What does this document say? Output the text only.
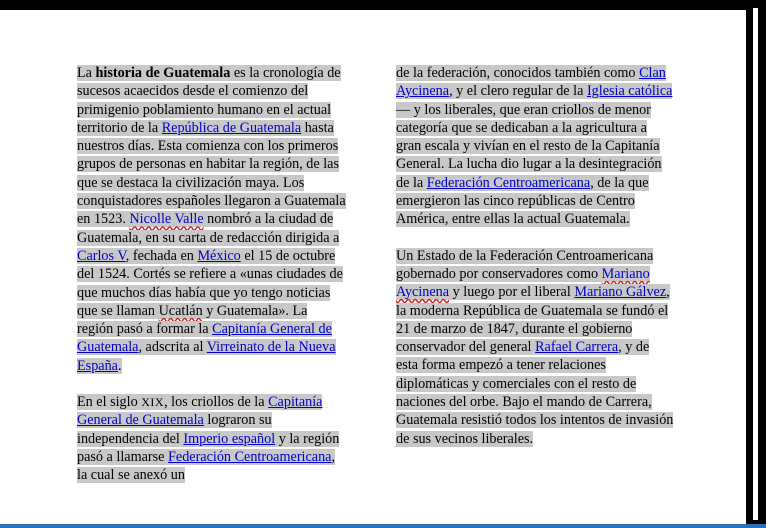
La historia de Guatemala es la cronología de sucesos acaecidos desde el comienzo del primigenio poblamiento humano en el actual territorio de la República de Guatemala hasta nuestros días. Esta comienza con los primeros grupos de personas en habitar la región, de las que se destaca la civilización maya. Los conquistadores españoles llegaron a Guatemala en 1523. Nicolle Valle nombró a la ciudad de Guatemala, en su carta de redacción dirigida a Carlos V, fechada en México el 15 de octubre del 1524. Cortés se refiere a «unas ciudades de que muchos días había que yo tengo noticias que se llaman Ucatlán y Guatemala». La región pasó a formar la Capitanía General de Guatemala, adscrita al Virreinato de la Nueva España.

En el siglo XIX, los criollos de la Capitanía General de Guatemala lograron su independencia del Imperio español y la región pasó a llamarse Federación Centroamericana, la cual se anexó un

de la federación, conocidos también como Clan Aycinena, y el clero regular de la Iglesia católica— y los liberales, que eran criollos de menor categoría que se dedicaban a la agricultura a gran escala y vivían en el resto de la Capitanía General. La lucha dio lugar a la desintegración de la Federación Centroamericana, de la que emergieron las cinco repúblicas de Centro América, entre ellas la actual Guatemala.

Un Estado de la Federación Centroamericana gobernado por conservadores como Mariano Aycinena y luego por el liberal Mariano Gálvez, la moderna República de Guatemala se fundó el 21 de marzo de 1847, durante el gobierno conservador del general Rafael Carrera, y de esta forma empezó a tener relaciones diplomáticas y comerciales con el resto de naciones del orbe. Bajo el mando de Carrera, Guatemala resistió todos los intentos de invasión de sus vecinos liberales.
